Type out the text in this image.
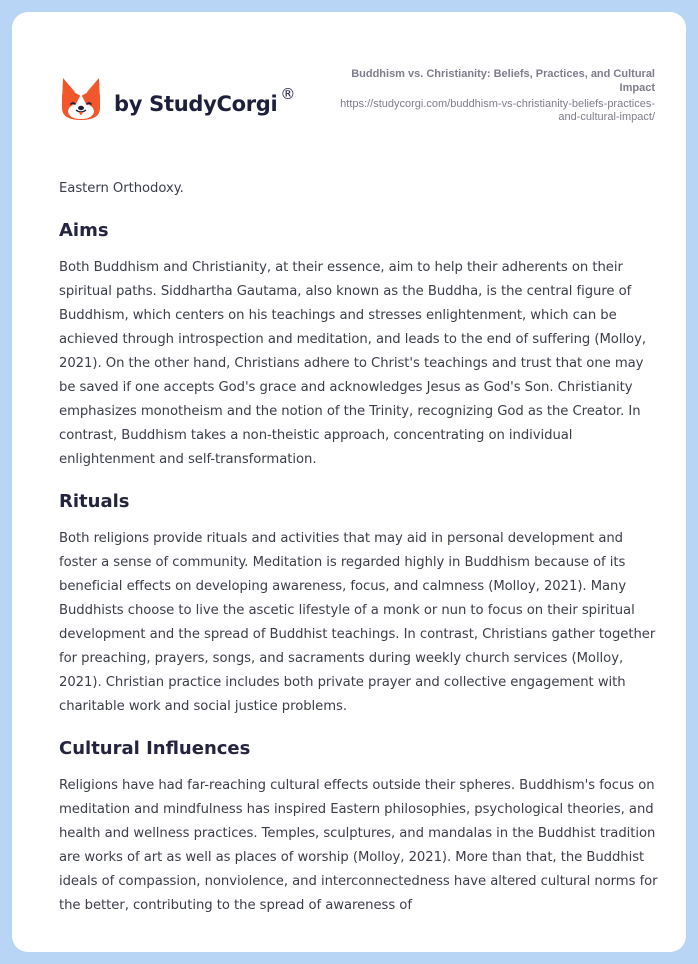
by StudyCorgi ®
Buddhism vs. Christianity: Beliefs, Practices, and Cultural Impact
https://studycorgi.com/buddhism-vs-christianity-beliefs-practices-and-cultural-impact/

Eastern Orthodoxy.

Aims

Both Buddhism and Christianity, at their essence, aim to help their adherents on their spiritual paths. Siddhartha Gautama, also known as the Buddha, is the central figure of Buddhism, which centers on his teachings and stresses enlightenment, which can be achieved through introspection and meditation, and leads to the end of suffering (Molloy, 2021). On the other hand, Christians adhere to Christ's teachings and trust that one may be saved if one accepts God's grace and acknowledges Jesus as God's Son. Christianity emphasizes monotheism and the notion of the Trinity, recognizing God as the Creator. In contrast, Buddhism takes a non-theistic approach, concentrating on individual enlightenment and self-transformation.

Rituals

Both religions provide rituals and activities that may aid in personal development and foster a sense of community. Meditation is regarded highly in Buddhism because of its beneficial effects on developing awareness, focus, and calmness (Molloy, 2021). Many Buddhists choose to live the ascetic lifestyle of a monk or nun to focus on their spiritual development and the spread of Buddhist teachings. In contrast, Christians gather together for preaching, prayers, songs, and sacraments during weekly church services (Molloy, 2021). Christian practice includes both private prayer and collective engagement with charitable work and social justice problems.

Cultural Influences

Religions have had far-reaching cultural effects outside their spheres. Buddhism's focus on meditation and mindfulness has inspired Eastern philosophies, psychological theories, and health and wellness practices. Temples, sculptures, and mandalas in the Buddhist tradition are works of art as well as places of worship (Molloy, 2021). More than that, the Buddhist ideals of compassion, nonviolence, and interconnectedness have altered cultural norms for the better, contributing to the spread of awareness of
